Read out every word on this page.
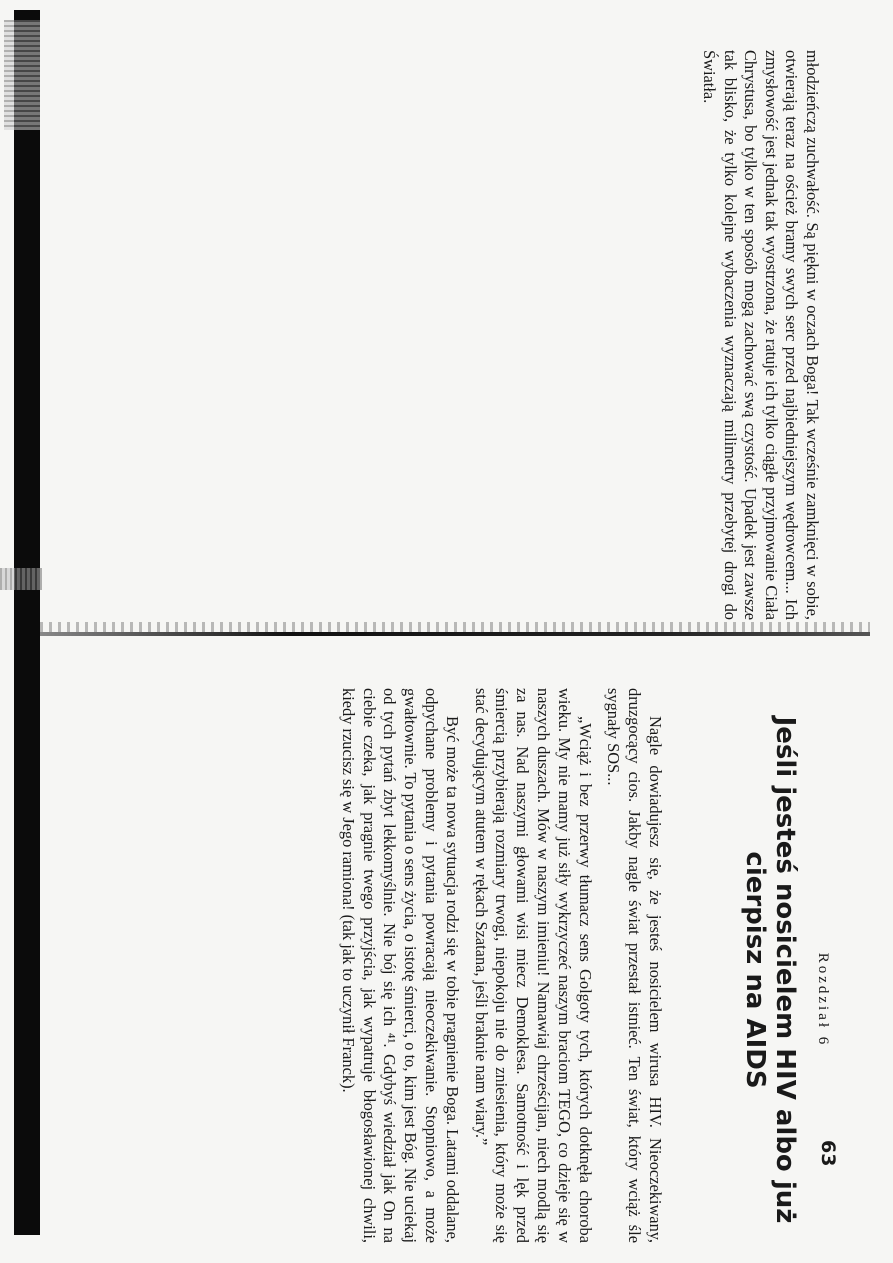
młodzieńczą zuchwałość. Są piękni w oczach Boga! Tak wcześnie zamknięci w sobie, otwierają teraz na oścież bramy swych serc przed najbiedniejszym wędrowcem... Ich zmysłowość jest jednak tak wyostrzona, że ratuje ich tylko ciągłe przyjmowanie Ciała Chrystusa, bo tylko w ten sposób mogą zachować swą czystość. Upadek jest zawsze tak blisko, że tylko kolejne wybaczenia wyznaczają milimetry przebytej drogi do Światła.

Rozdział 6
Jeśli jesteś nosicielem HIV albo już cierpisz na AIDS

Nagle dowiadujesz się, że jesteś nosicielem wirusa HIV. Nieoczekiwany, druzgocący cios. Jakby nagle świat przestał istnieć. Ten świat, który wciąż śle sygnały SOS...

„Wciąż i bez przerwy tłumacz sens Golgoty tych, których dotknęła choroba wieku. My nie mamy już siły wykrzyczeć naszym braciom TEGO, co dzieje się w naszych duszach. Mów w naszym imieniu! Namawiaj chrześcijan, niech modlą się za nas. Nad naszymi głowami wisi miecz Demoklesa. Samotność i lęk przed śmiercią przybierają rozmiary trwogi, niepokoju nie do zniesienia, który może się stać decydującym atutem w rękach Szatana, jeśli braknie nam wiary.”

Być może ta nowa sytuacja rodzi się w tobie pragnienie Boga. Latami oddalane, odpychane problemy i pytania powracają nieoczekiwanie. Stopniowo, a może gwałtownie. To pytania o sens życia, o istotę śmierci, o to, kim jest Bóg. Nie uciekaj od tych pytań zbyt lekkomyślnie. Nie bój się ich ⁴¹. Gdybyś wiedział jak On na ciebie czeka, jak pragnie twego przyjścia, jak wypatruje błogosławionej chwili, kiedy rzucisz się w Jego ramiona! (tak jak to uczynił Franck).

63
